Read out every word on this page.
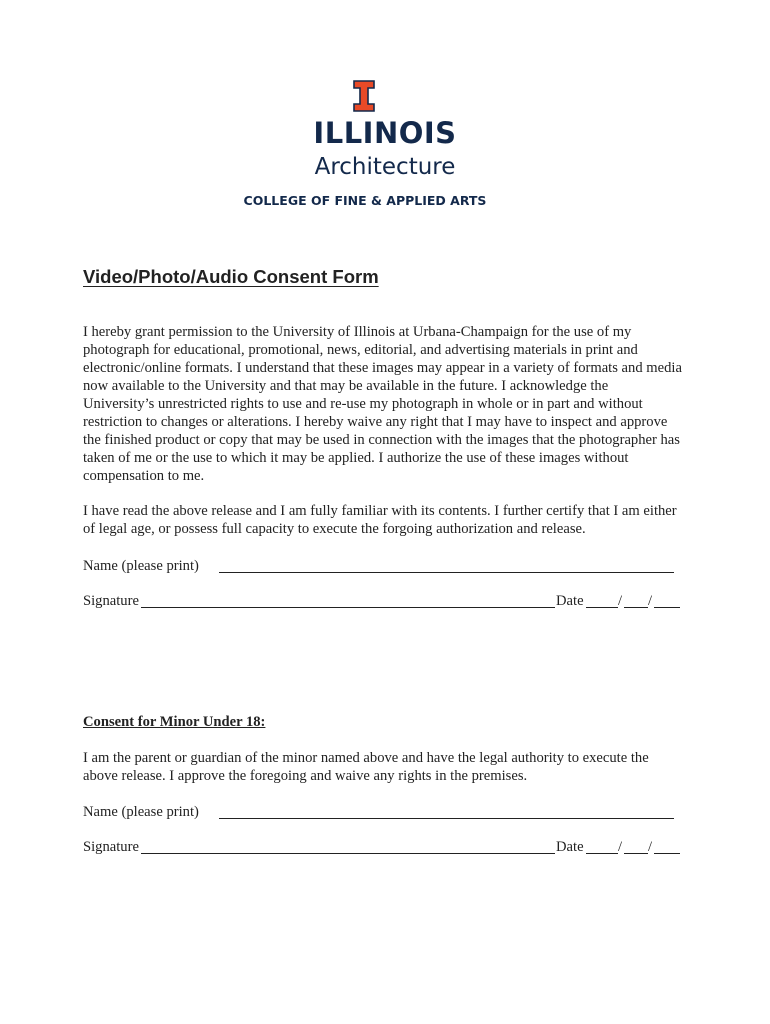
ILLINOIS
Architecture
COLLEGE OF FINE & APPLIED ARTS
Video/Photo/Audio Consent Form

I hereby grant permission to the University of Illinois at Urbana-Champaign for the use of my photograph for educational, promotional, news, editorial, and advertising materials in print and electronic/online formats. I understand that these images may appear in a variety of formats and media now available to the University and that may be available in the future. I acknowledge the University’s unrestricted rights to use and re-use my photograph in whole or in part and without restriction to changes or alterations. I hereby waive any right that I may have to inspect and approve the finished product or copy that may be used in connection with the images that the photographer has taken of me or the use to which it may be applied. I authorize the use of these images without compensation to me.

I have read the above release and I am fully familiar with its contents. I further certify that I am either of legal age, or possess full capacity to execute the forgoing authorization and release.

Name (please print)
Signature	Date / /
Consent for Minor Under 18:

I am the parent or guardian of the minor named above and have the legal authority to execute the above release. I approve the foregoing and waive any rights in the premises.

Name (please print)
Signature	Date / /
